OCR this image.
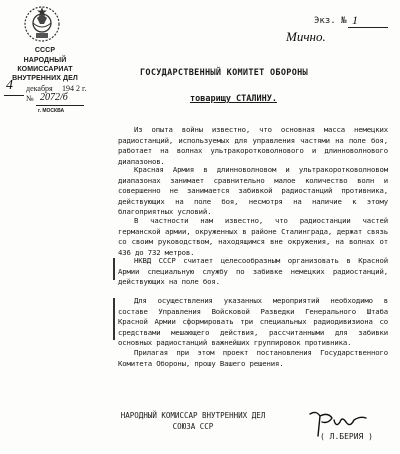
СССР
НАРОДНЫЙ КОМИССАРИАТ
ВНУТРЕННИХ ДЕЛ
4 декабря 194 2 г.
№ 2072/б
г. МОСКВА
Экз. № 1
Мично.
ГОСУДАРСТВЕННЫЙ КОМИТЕТ ОБОРОНЫ
товарищу СТАЛИНУ.
Из опыта войны известно, что основная масса немецких радиостанций, используемых для управления частями на поле боя, работает на волнах ультракоротковолнового и длинноволнового диапазонов.
Красная Армия в длинноволновом и ультракоротковолновом диапазонах занимает сравнительно малое количество волн и совершенно не занимается забивкой радиостанций противника, действующих на поле боя, несмотря на наличие к этому благоприятных условий.
В частности нам известно, что радиостанции частей германской армии, окруженных в районе Сталинграда, держат связь со своим руководством, находящимся вне окружения, на волнах от 436 до 732 метров.
НКВД СССР считает целесообразным организовать в Красной Армии специальную службу по забивке немецких радиостанций, действующих на поле боя.
Для осуществления указанных мероприятий необходимо в составе Управления Войсковой Разведки Генерального Штаба Красной Армии сформировать три специальных радиодивизиона со средствами мешающего действия, рассчитанными для забивки основных радиостанций важнейших группировок противника.
Прилагая при этом проект постановления Государственного Комитета Обороны, прошу Вашего решения.
НАРОДНЫЙ КОМИССАР ВНУТРЕННИХ ДЕЛ
СОЮЗА ССР
( Л.БЕРИЯ )
